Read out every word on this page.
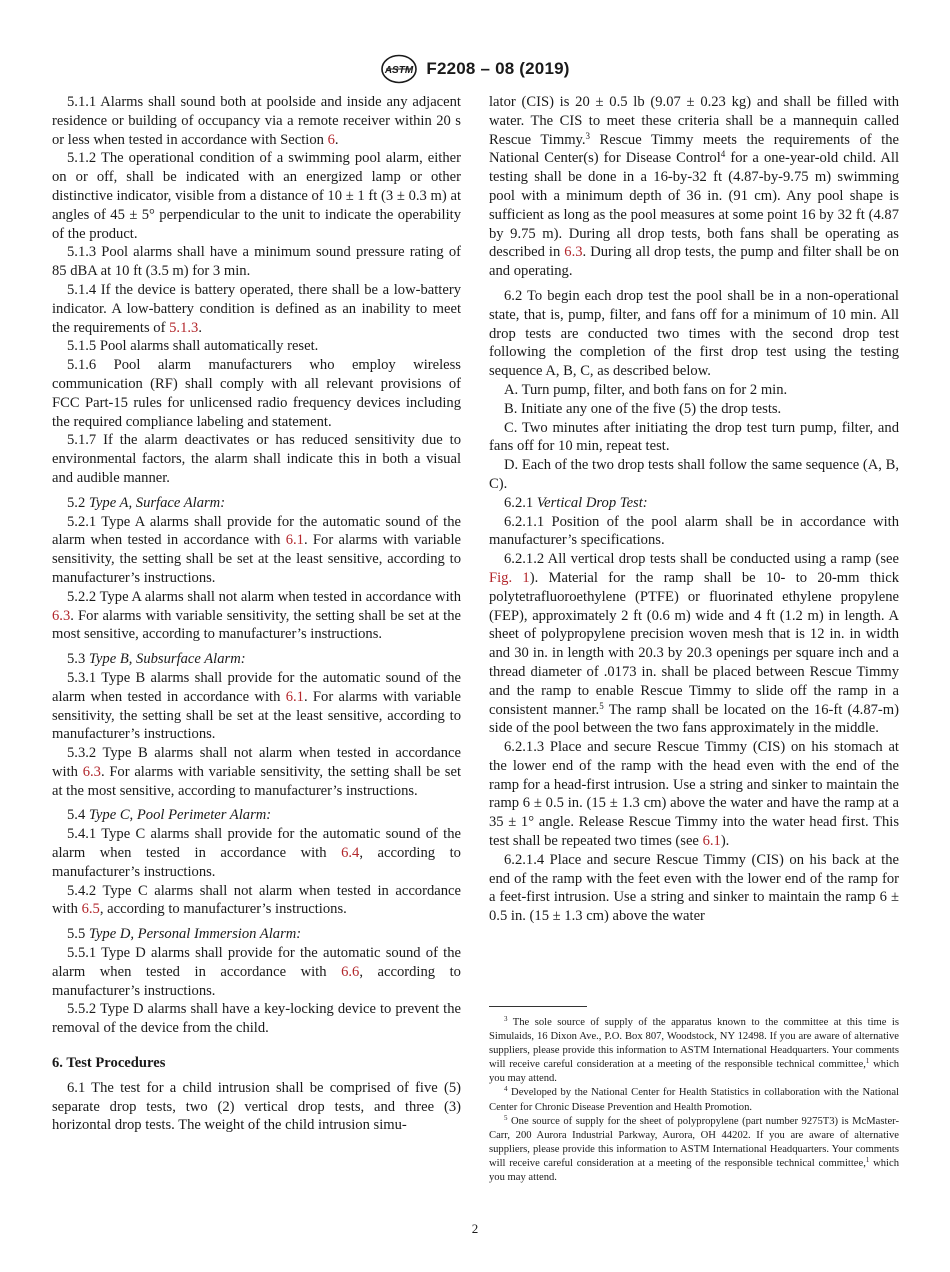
ASTM F2208 – 08 (2019)

5.1.1 Alarms shall sound both at poolside and inside any adjacent residence or building of occupancy via a remote receiver within 20 s or less when tested in accordance with Section 6.

5.1.2 The operational condition of a swimming pool alarm, either on or off, shall be indicated with an energized lamp or other distinctive indicator, visible from a distance of 10 ± 1 ft (3 ± 0.3 m) at angles of 45 ± 5° perpendicular to the unit to indicate the operability of the product.

5.1.3 Pool alarms shall have a minimum sound pressure rating of 85 dBA at 10 ft (3.5 m) for 3 min.

5.1.4 If the device is battery operated, there shall be a low-battery indicator. A low-battery condition is defined as an inability to meet the requirements of 5.1.3.

5.1.5 Pool alarms shall automatically reset.

5.1.6 Pool alarm manufacturers who employ wireless communication (RF) shall comply with all relevant provisions of FCC Part-15 rules for unlicensed radio frequency devices including the required compliance labeling and statement.

5.1.7 If the alarm deactivates or has reduced sensitivity due to environmental factors, the alarm shall indicate this in both a visual and audible manner.

5.2 Type A, Surface Alarm:

5.2.1 Type A alarms shall provide for the automatic sound of the alarm when tested in accordance with 6.1. For alarms with variable sensitivity, the setting shall be set at the least sensitive, according to manufacturer’s instructions.

5.2.2 Type A alarms shall not alarm when tested in accordance with 6.3. For alarms with variable sensitivity, the setting shall be set at the most sensitive, according to manufacturer’s instructions.

5.3 Type B, Subsurface Alarm:

5.3.1 Type B alarms shall provide for the automatic sound of the alarm when tested in accordance with 6.1. For alarms with variable sensitivity, the setting shall be set at the least sensitive, according to manufacturer’s instructions.

5.3.2 Type B alarms shall not alarm when tested in accordance with 6.3. For alarms with variable sensitivity, the setting shall be set at the most sensitive, according to manufacturer’s instructions.

5.4 Type C, Pool Perimeter Alarm:

5.4.1 Type C alarms shall provide for the automatic sound of the alarm when tested in accordance with 6.4, according to manufacturer’s instructions.

5.4.2 Type C alarms shall not alarm when tested in accordance with 6.5, according to manufacturer’s instructions.

5.5 Type D, Personal Immersion Alarm:

5.5.1 Type D alarms shall provide for the automatic sound of the alarm when tested in accordance with 6.6, according to manufacturer’s instructions.

5.5.2 Type D alarms shall have a key-locking device to prevent the removal of the device from the child.

6. Test Procedures

6.1 The test for a child intrusion shall be comprised of five (5) separate drop tests, two (2) vertical drop tests, and three (3) horizontal drop tests. The weight of the child intrusion simu-

lator (CIS) is 20 ± 0.5 lb (9.07 ± 0.23 kg) and shall be filled with water. The CIS to meet these criteria shall be a mannequin called Rescue Timmy.$^3$ Rescue Timmy meets the requirements of the National Center(s) for Disease Control$^4$ for a one-year-old child. All testing shall be done in a 16-by-32 ft (4.87-by-9.75 m) swimming pool with a minimum depth of 36 in. (91 cm). Any pool shape is sufficient as long as the pool measures at some point 16 by 32 ft (4.87 by 9.75 m). During all drop tests, both fans shall be operating as described in 6.3. During all drop tests, the pump and filter shall be on and operating.

6.2 To begin each drop test the pool shall be in a non-operational state, that is, pump, filter, and fans off for a minimum of 10 min. All drop tests are conducted two times with the second drop test following the completion of the first drop test using the testing sequence A, B, C, as described below.

A. Turn pump, filter, and both fans on for 2 min.

B. Initiate any one of the five (5) the drop tests.

C. Two minutes after initiating the drop test turn pump, filter, and fans off for 10 min, repeat test.

D. Each of the two drop tests shall follow the same sequence (A, B, C).

6.2.1 Vertical Drop Test:

6.2.1.1 Position of the pool alarm shall be in accordance with manufacturer’s specifications.

6.2.1.2 All vertical drop tests shall be conducted using a ramp (see Fig. 1). Material for the ramp shall be 10- to 20-mm thick polytetrafluoroethylene (PTFE) or fluorinated ethylene propylene (FEP), approximately 2 ft (0.6 m) wide and 4 ft (1.2 m) in length. A sheet of polypropylene precision woven mesh that is 12 in. in width and 30 in. in length with 20.3 by 20.3 openings per square inch and a thread diameter of .0173 in. shall be placed between Rescue Timmy and the ramp to enable Rescue Timmy to slide off the ramp in a consistent manner.$^5$ The ramp shall be located on the 16-ft (4.87-m) side of the pool between the two fans approximately in the middle.

6.2.1.3 Place and secure Rescue Timmy (CIS) on his stomach at the lower end of the ramp with the head even with the end of the ramp for a head-first intrusion. Use a string and sinker to maintain the ramp 6 ± 0.5 in. (15 ± 1.3 cm) above the water and have the ramp at a 35 ± 1° angle. Release Rescue Timmy into the water head first. This test shall be repeated two times (see 6.1).

6.2.1.4 Place and secure Rescue Timmy (CIS) on his back at the end of the ramp with the feet even with the lower end of the ramp for a feet-first intrusion. Use a string and sinker to maintain the ramp 6 ± 0.5 in. (15 ± 1.3 cm) above the water

$^3$ The sole source of supply of the apparatus known to the committee at this time is Simulaids, 16 Dixon Ave., P.O. Box 807, Woodstock, NY 12498. If you are aware of alternative suppliers, please provide this information to ASTM International Headquarters. Your comments will receive careful consideration at a meeting of the responsible technical committee,$^1$ which you may attend.

$^4$ Developed by the National Center for Health Statistics in collaboration with the National Center for Chronic Disease Prevention and Health Promotion.

$^5$ One source of supply for the sheet of polypropylene (part number 9275T3) is McMaster-Carr, 200 Aurora Industrial Parkway, Aurora, OH 44202. If you are aware of alternative suppliers, please provide this information to ASTM International Headquarters. Your comments will receive careful consideration at a meeting of the responsible technical committee,$^1$ which you may attend.

2
